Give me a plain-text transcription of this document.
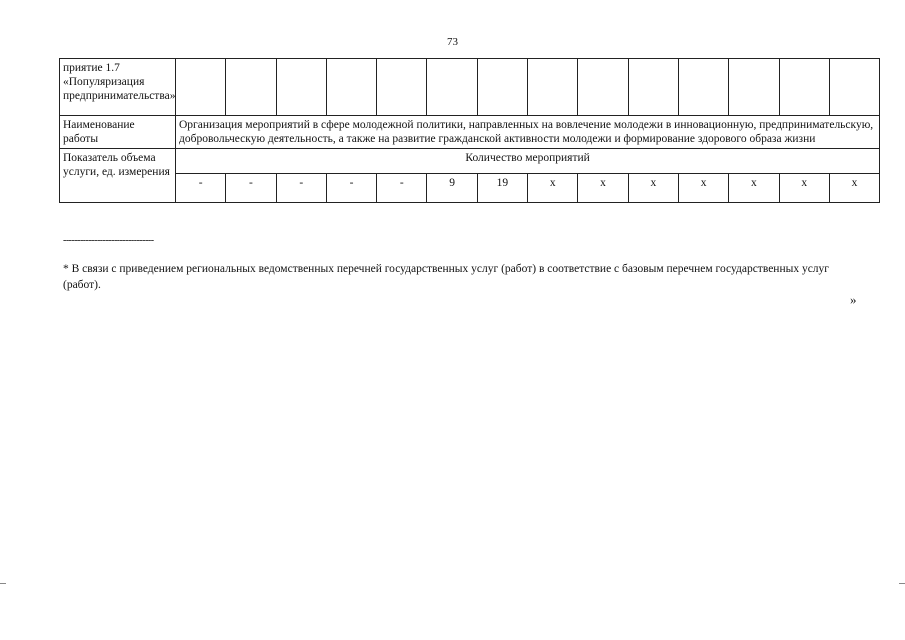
73
приятие 1.7 «Популяризация предпринимательства»														
Наименование работы	Организация мероприятий в сфере молодежной политики, направленных на вовлечение молодежи в инновационную, предпринимательскую, добровольческую деятельность, а также на развитие гражданской активности молодежи и формирование здорового образа жизни													
Показатель объема услуги, ед. измерения	Количество мероприятий													
	-	-	-	-	-	9	19	x	x	x	x	x	x	x
--------------------------------
* В связи с приведением региональных ведомственных перечней государственных услуг (работ) в соответствие с базовым перечнем государственных услуг (работ).
»
